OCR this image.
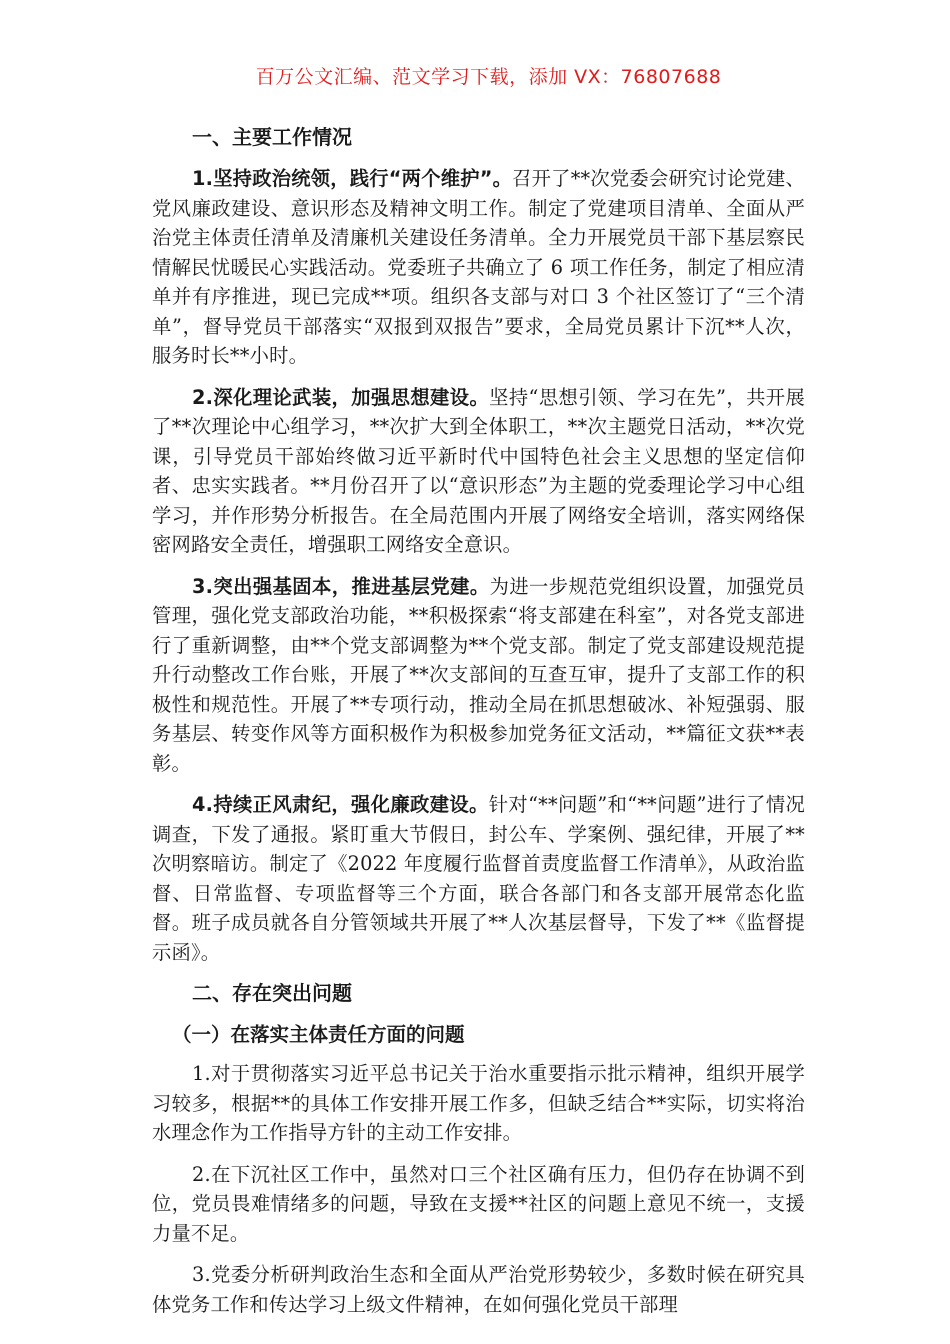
百万公文汇编、范文学习下载，添加 VX：76807688
一、主要工作情况

1.坚持政治统领，践行“两个维护”。召开了**次党委会研究讨论党建、党风廉政建设、意识形态及精神文明工作。制定了党建项目清单、全面从严治党主体责任清单及清廉机关建设任务清单。全力开展党员干部下基层察民情解民忧暖民心实践活动。党委班子共确立了 6 项工作任务，制定了相应清单并有序推进，现已完成**项。组织各支部与对口 3 个社区签订了“三个清单”，督导党员干部落实“双报到双报告”要求，全局党员累计下沉**人次，服务时长**小时。

2.深化理论武装，加强思想建设。坚持“思想引领、学习在先”，共开展了**次理论中心组学习，**次扩大到全体职工，**次主题党日活动，**次党课，引导党员干部始终做习近平新时代中国特色社会主义思想的坚定信仰者、忠实实践者。**月份召开了以“意识形态”为主题的党委理论学习中心组学习，并作形势分析报告。在全局范围内开展了网络安全培训，落实网络保密网路安全责任，增强职工网络安全意识。

3.突出强基固本，推进基层党建。为进一步规范党组织设置，加强党员管理，强化党支部政治功能，**积极探索“将支部建在科室”，对各党支部进行了重新调整，由**个党支部调整为**个党支部。制定了党支部建设规范提升行动整改工作台账，开展了**次支部间的互查互审，提升了支部工作的积极性和规范性。开展了**专项行动，推动全局在抓思想破冰、补短强弱、服务基层、转变作风等方面积极作为积极参加党务征文活动，**篇征文获**表彰。

4.持续正风肃纪，强化廉政建设。针对“**问题”和“**问题”进行了情况调查，下发了通报。紧盯重大节假日，封公车、学案例、强纪律，开展了**次明察暗访。制定了《2022 年度履行监督首责度监督工作清单》，从政治监督、日常监督、专项监督等三个方面，联合各部门和各支部开展常态化监督。班子成员就各自分管领域共开展了**人次基层督导，下发了**《监督提示函》。

二、存在突出问题
（一）在落实主体责任方面的问题

1.对于贯彻落实习近平总书记关于治水重要指示批示精神，组织开展学习较多，根据**的具体工作安排开展工作多，但缺乏结合**实际，切实将治水理念作为工作指导方针的主动工作安排。

2.在下沉社区工作中，虽然对口三个社区确有压力，但仍存在协调不到位，党员畏难情绪多的问题，导致在支援**社区的问题上意见不统一，支援力量不足。

3.党委分析研判政治生态和全面从严治党形势较少，多数时候在研究具体党务工作和传达学习上级文件精神，在如何强化党员干部理
